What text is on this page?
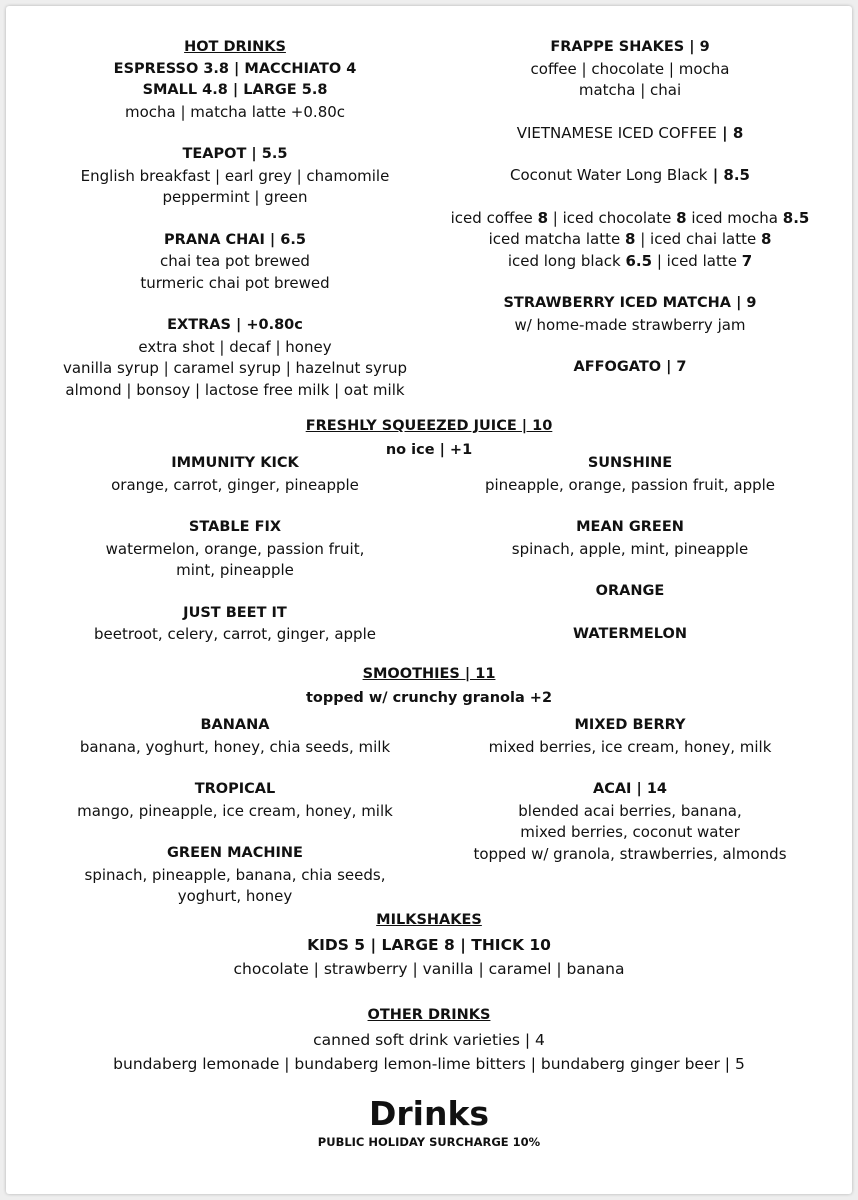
HOT DRINKS
ESPRESSO 3.8 | MACCHIATO 4
SMALL 4.8 | LARGE 5.8
mocha | matcha latte +0.80c
TEAPOT | 5.5
English breakfast | earl grey | chamomile
peppermint | green
PRANA CHAI | 6.5
chai tea pot brewed
turmeric chai pot brewed
EXTRAS | +0.80c
extra shot | decaf | honey
vanilla syrup | caramel syrup | hazelnut syrup
almond | bonsoy | lactose free milk | oat milk
FRAPPE SHAKES | 9
coffee | chocolate | mocha
matcha | chai
VIETNAMESE ICED COFFEE | 8
Coconut Water Long Black | 8.5
iced coffee 8 | iced chocolate 8 iced mocha 8.5
iced matcha latte 8 | iced chai latte 8
iced long black 6.5 | iced latte 7
STRAWBERRY ICED MATCHA | 9
w/ home-made strawberry jam
AFFOGATO | 7
FRESHLY SQUEEZED JUICE | 10
no ice | +1
IMMUNITY KICK
orange, carrot, ginger, pineapple
STABLE FIX
watermelon, orange, passion fruit,
mint, pineapple
JUST BEET IT
beetroot, celery, carrot, ginger, apple
SUNSHINE
pineapple, orange, passion fruit, apple
MEAN GREEN
spinach, apple, mint, pineapple
ORANGE
WATERMELON
SMOOTHIES | 11
topped w/ crunchy granola +2
BANANA
banana, yoghurt, honey, chia seeds, milk
TROPICAL
mango, pineapple, ice cream, honey, milk
GREEN MACHINE
spinach, pineapple, banana, chia seeds,
yoghurt, honey
MIXED BERRY
mixed berries, ice cream, honey, milk
ACAI | 14
blended acai berries, banana,
mixed berries, coconut water
topped w/ granola, strawberries, almonds
MILKSHAKES
KIDS 5 | LARGE 8 | THICK 10
chocolate | strawberry | vanilla | caramel | banana
OTHER DRINKS
canned soft drink varieties | 4
bundaberg lemonade | bundaberg lemon-lime bitters | bundaberg ginger beer | 5
Drinks
PUBLIC HOLIDAY SURCHARGE 10%
